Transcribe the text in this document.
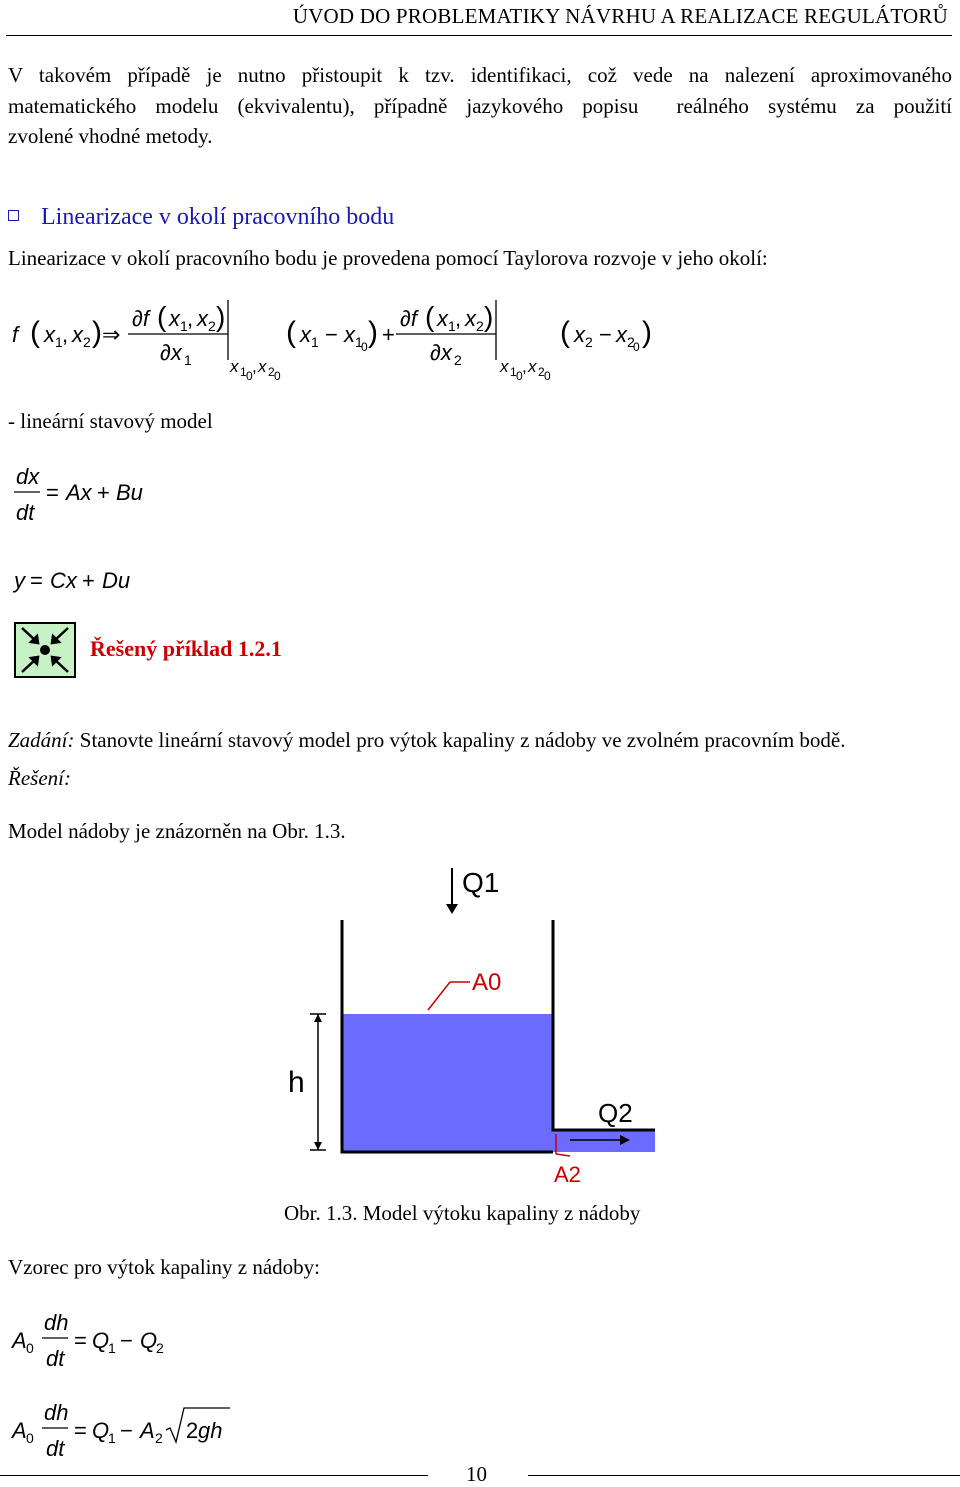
ÚVOD DO PROBLEMATIKY NÁVRHU A REALIZACE REGULÁTORŮ
V takovém případě je nutno přistoupit k tzv. identifikaci, což vede na nalezení aproximovaného
matematického modelu (ekvivalentu), případně jazykového popisu  reálného systému za použití
zvolené vhodné metody.
Linearizace v okolí pracovního bodu
Linearizace v okolí pracovního bodu je provedena pomocí Taylorova rozvoje v jeho okolí:
f ( x 1 , x 2 ) ⇒
∂f ( x 1 , x 2 )
∂x 1 x 1 0 , x 2 0
( x 1 − x 1
0 ) +
∂f ( x 1 , x 2 )
∂x 2 x 1 0 , x 2 0
( x 2 − x 2
0 )
- lineární stavový model
dx
dt
= Ax + Bu
y = Cx + Du
Řešený příklad 1.2.1
Zadání: Stanovte lineární stavový model pro výtok kapaliny z nádoby ve zvolném pracovním bodě.
Řešení:
Model nádoby je znázorněn na Obr. 1.3.
Q1
A0
h
Q2
A2
Obr. 1.3. Model výtoku kapaliny z nádoby
Vzorec pro výtok kapaliny z nádoby:
A 0
dh
dt
= Q
1 − Q
2
A 0
dh
dt
= Q
1 − A 2 2 gh
10
